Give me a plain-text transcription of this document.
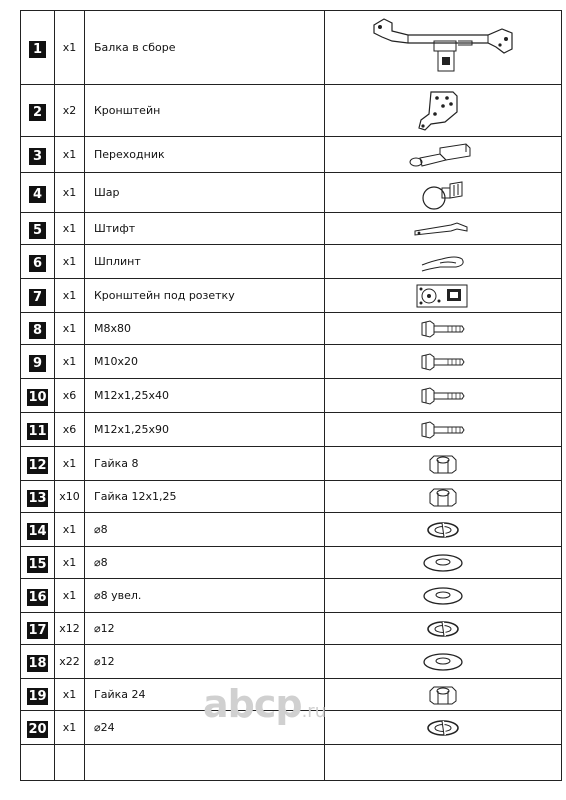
1	x1	Балка в сборе	

2	x2	Кронштейн	

3	x1	Переходник	

4	x1	Шар	

5	x1	Штифт	

6	x1	Шплинт	

7	x1	Кронштейн под розетку	

8	x1	M8x80	

9	x1	M10x20	

10	x6	M12x1,25x40	

11	x6	M12x1,25x90	

12	x1	Гайка 8	

13	x10	Гайка 12x1,25	

14	x1	⌀8	

15	x1	⌀8	

16	x1	⌀8 увел.	

17	x12	⌀12	

18	x22	⌀12	

19	x1	Гайка 24	

20	x1	⌀24	

abcp.ru
